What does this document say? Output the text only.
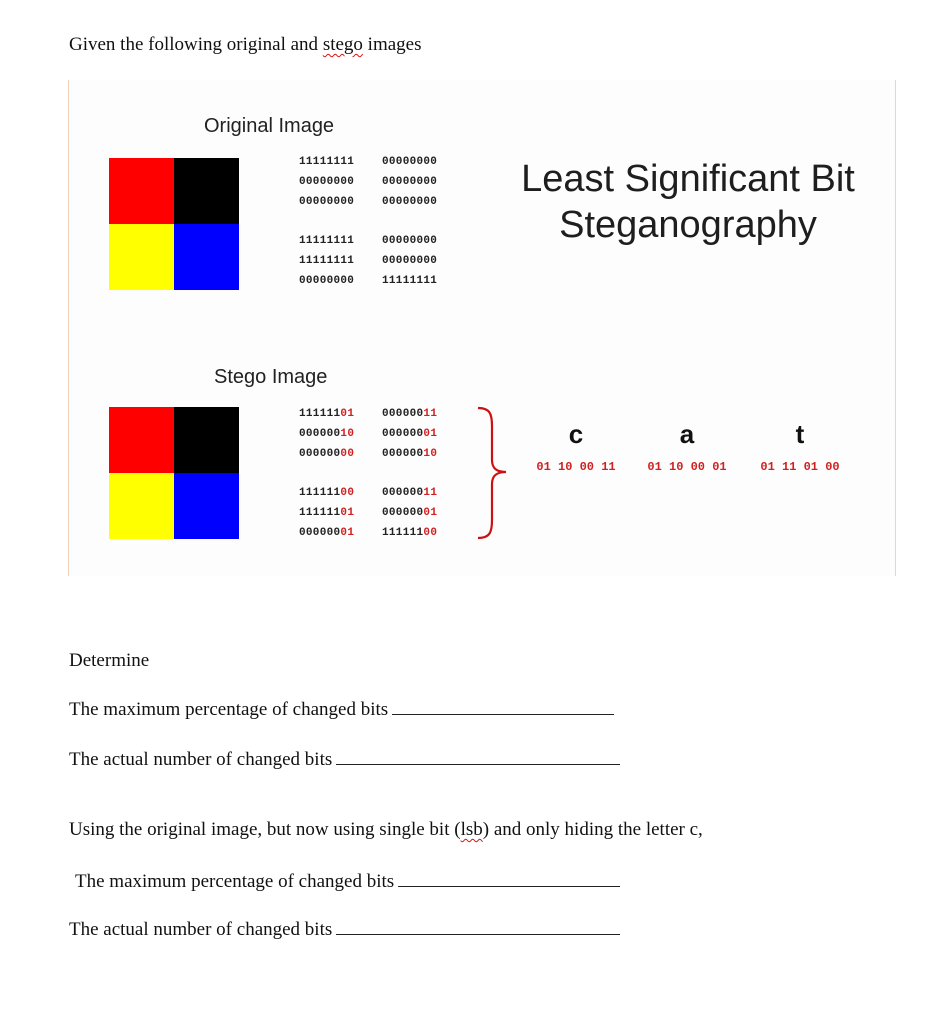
Given the following original and stego images
Original Image
11111111	00000000
00000000	00000000
00000000	00000000
11111111	00000000
11111111	00000000
00000000	11111111
Least Significant Bit
Steganography
Stego Image
11111101	00000011
00000010	00000001
00000000	00000010
11111100	00000011
11111101	00000001
00000001	11111100
c
01 10 00 11
a
01 10 00 01
t
01 11 01 00
Determine
The maximum percentage of changed bits
The actual number of changed bits
Using the original image, but now using single bit (lsb) and only hiding the letter c,
The maximum percentage of changed bits
The actual number of changed bits
